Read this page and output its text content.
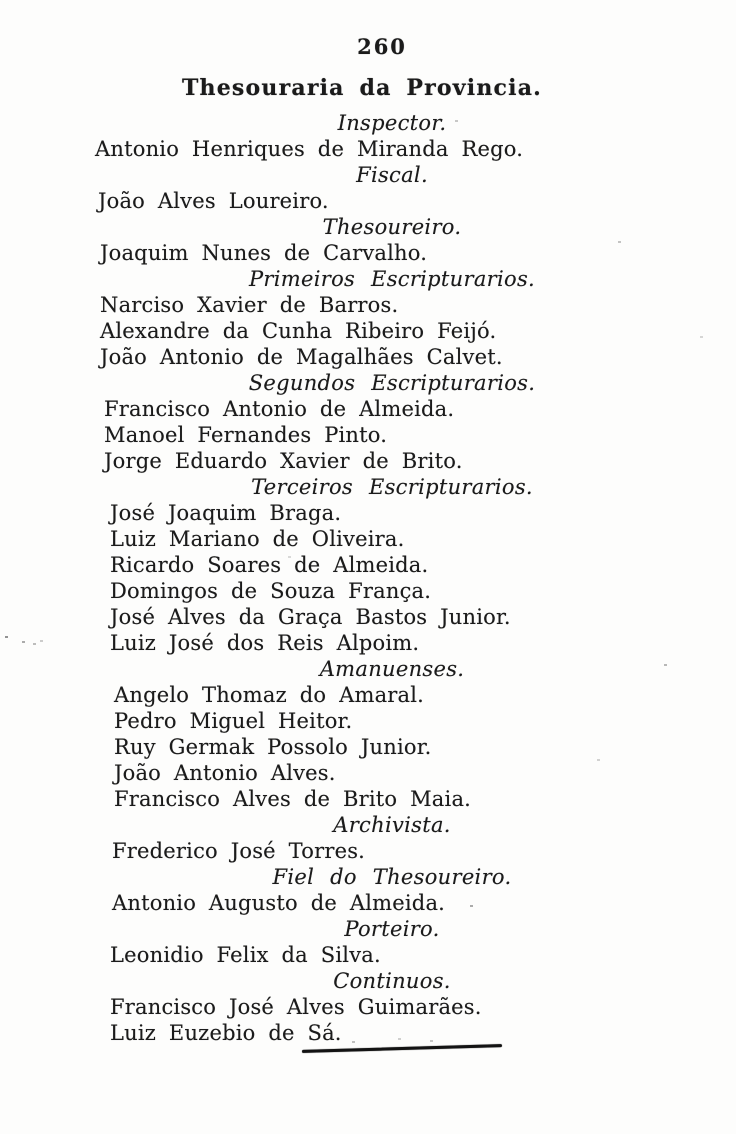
260
Thesouraria da Provincia.
Inspector.
Antonio Henriques de Miranda Rego.
Fiscal.
João Alves Loureiro.
Thesoureiro.
Joaquim Nunes de Carvalho.
Primeiros Escripturarios.
Narciso Xavier de Barros.
Alexandre da Cunha Ribeiro Feijó.
João Antonio de Magalhães Calvet.
Segundos Escripturarios.
Francisco Antonio de Almeida.
Manoel Fernandes Pinto.
Jorge Eduardo Xavier de Brito.
Terceiros Escripturarios.
José Joaquim Braga.
Luiz Mariano de Oliveira.
Ricardo Soares de Almeida.
Domingos de Souza França.
José Alves da Graça Bastos Junior.
Luiz José dos Reis Alpoim.
Amanuenses.
Angelo Thomaz do Amaral.
Pedro Miguel Heitor.
Ruy Germak Possolo Junior.
João Antonio Alves.
Francisco Alves de Brito Maia.
Archivista.
Frederico José Torres.
Fiel do Thesoureiro.
Antonio Augusto de Almeida.
Porteiro.
Leonidio Felix da Silva.
Continuos.
Francisco José Alves Guimarães.
Luiz Euzebio de Sá.
